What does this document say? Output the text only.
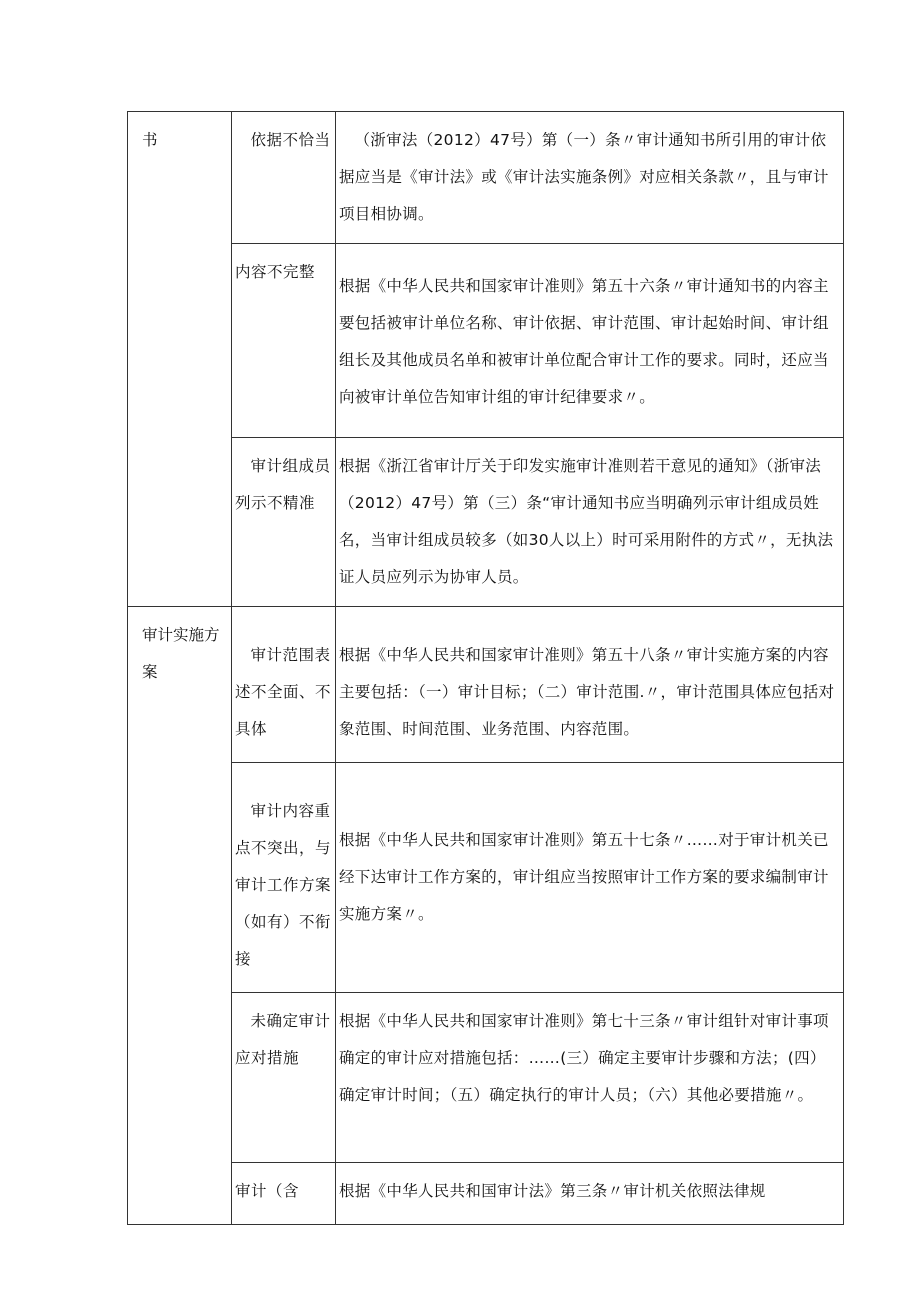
书	依据不恰当	（浙审法（2012）47号）第（一）条〃审计通知书所引用的审计依据应当是《审计法》或《审计法实施条例》对应相关条款〃，且与审计项目相协调。

	内容不完整	根据《中华人民共和国家审计准则》第五十六条〃审计通知书的内容主要包括被审计单位名称、审计依据、审计范围、审计起始时间、审计组组长及其他成员名单和被审计单位配合审计工作的要求。同时，还应当向被审计单位告知审计组的审计纪律要求〃。

	审计组成员列示不精准	根据《浙江省审计厅关于印发实施审计准则若干意见的通知》（浙审法（2012）47号）第（三）条“审计通知书应当明确列示审计组成员姓名，当审计组成员较多（如30人以上）时可采用附件的方式〃，无执法证人员应列示为协审人员。

审计实施方案	审计范围表述不全面、不具体	根据《中华人民共和国家审计准则》第五十八条〃审计实施方案的内容主要包括：（一）审计目标；（二）审计范围.〃，审计范围具体应包括对象范围、时间范围、业务范围、内容范围。

	审计内容重点不突出，与审计工作方案（如有）不衔接	根据《中华人民共和国家审计准则》第五十七条〃……对于审计机关已经下达审计工作方案的，审计组应当按照审计工作方案的要求编制审计实施方案〃。

	未确定审计应对措施	根据《中华人民共和国家审计准则》第七十三条〃审计组针对审计事项确定的审计应对措施包括：……(三）确定主要审计步骤和方法；(四）确定审计时间；（五）确定执行的审计人员；（六）其他必要措施〃。

	审计（含	根据《中华人民共和国审计法》第三条〃审计机关依照法律规
